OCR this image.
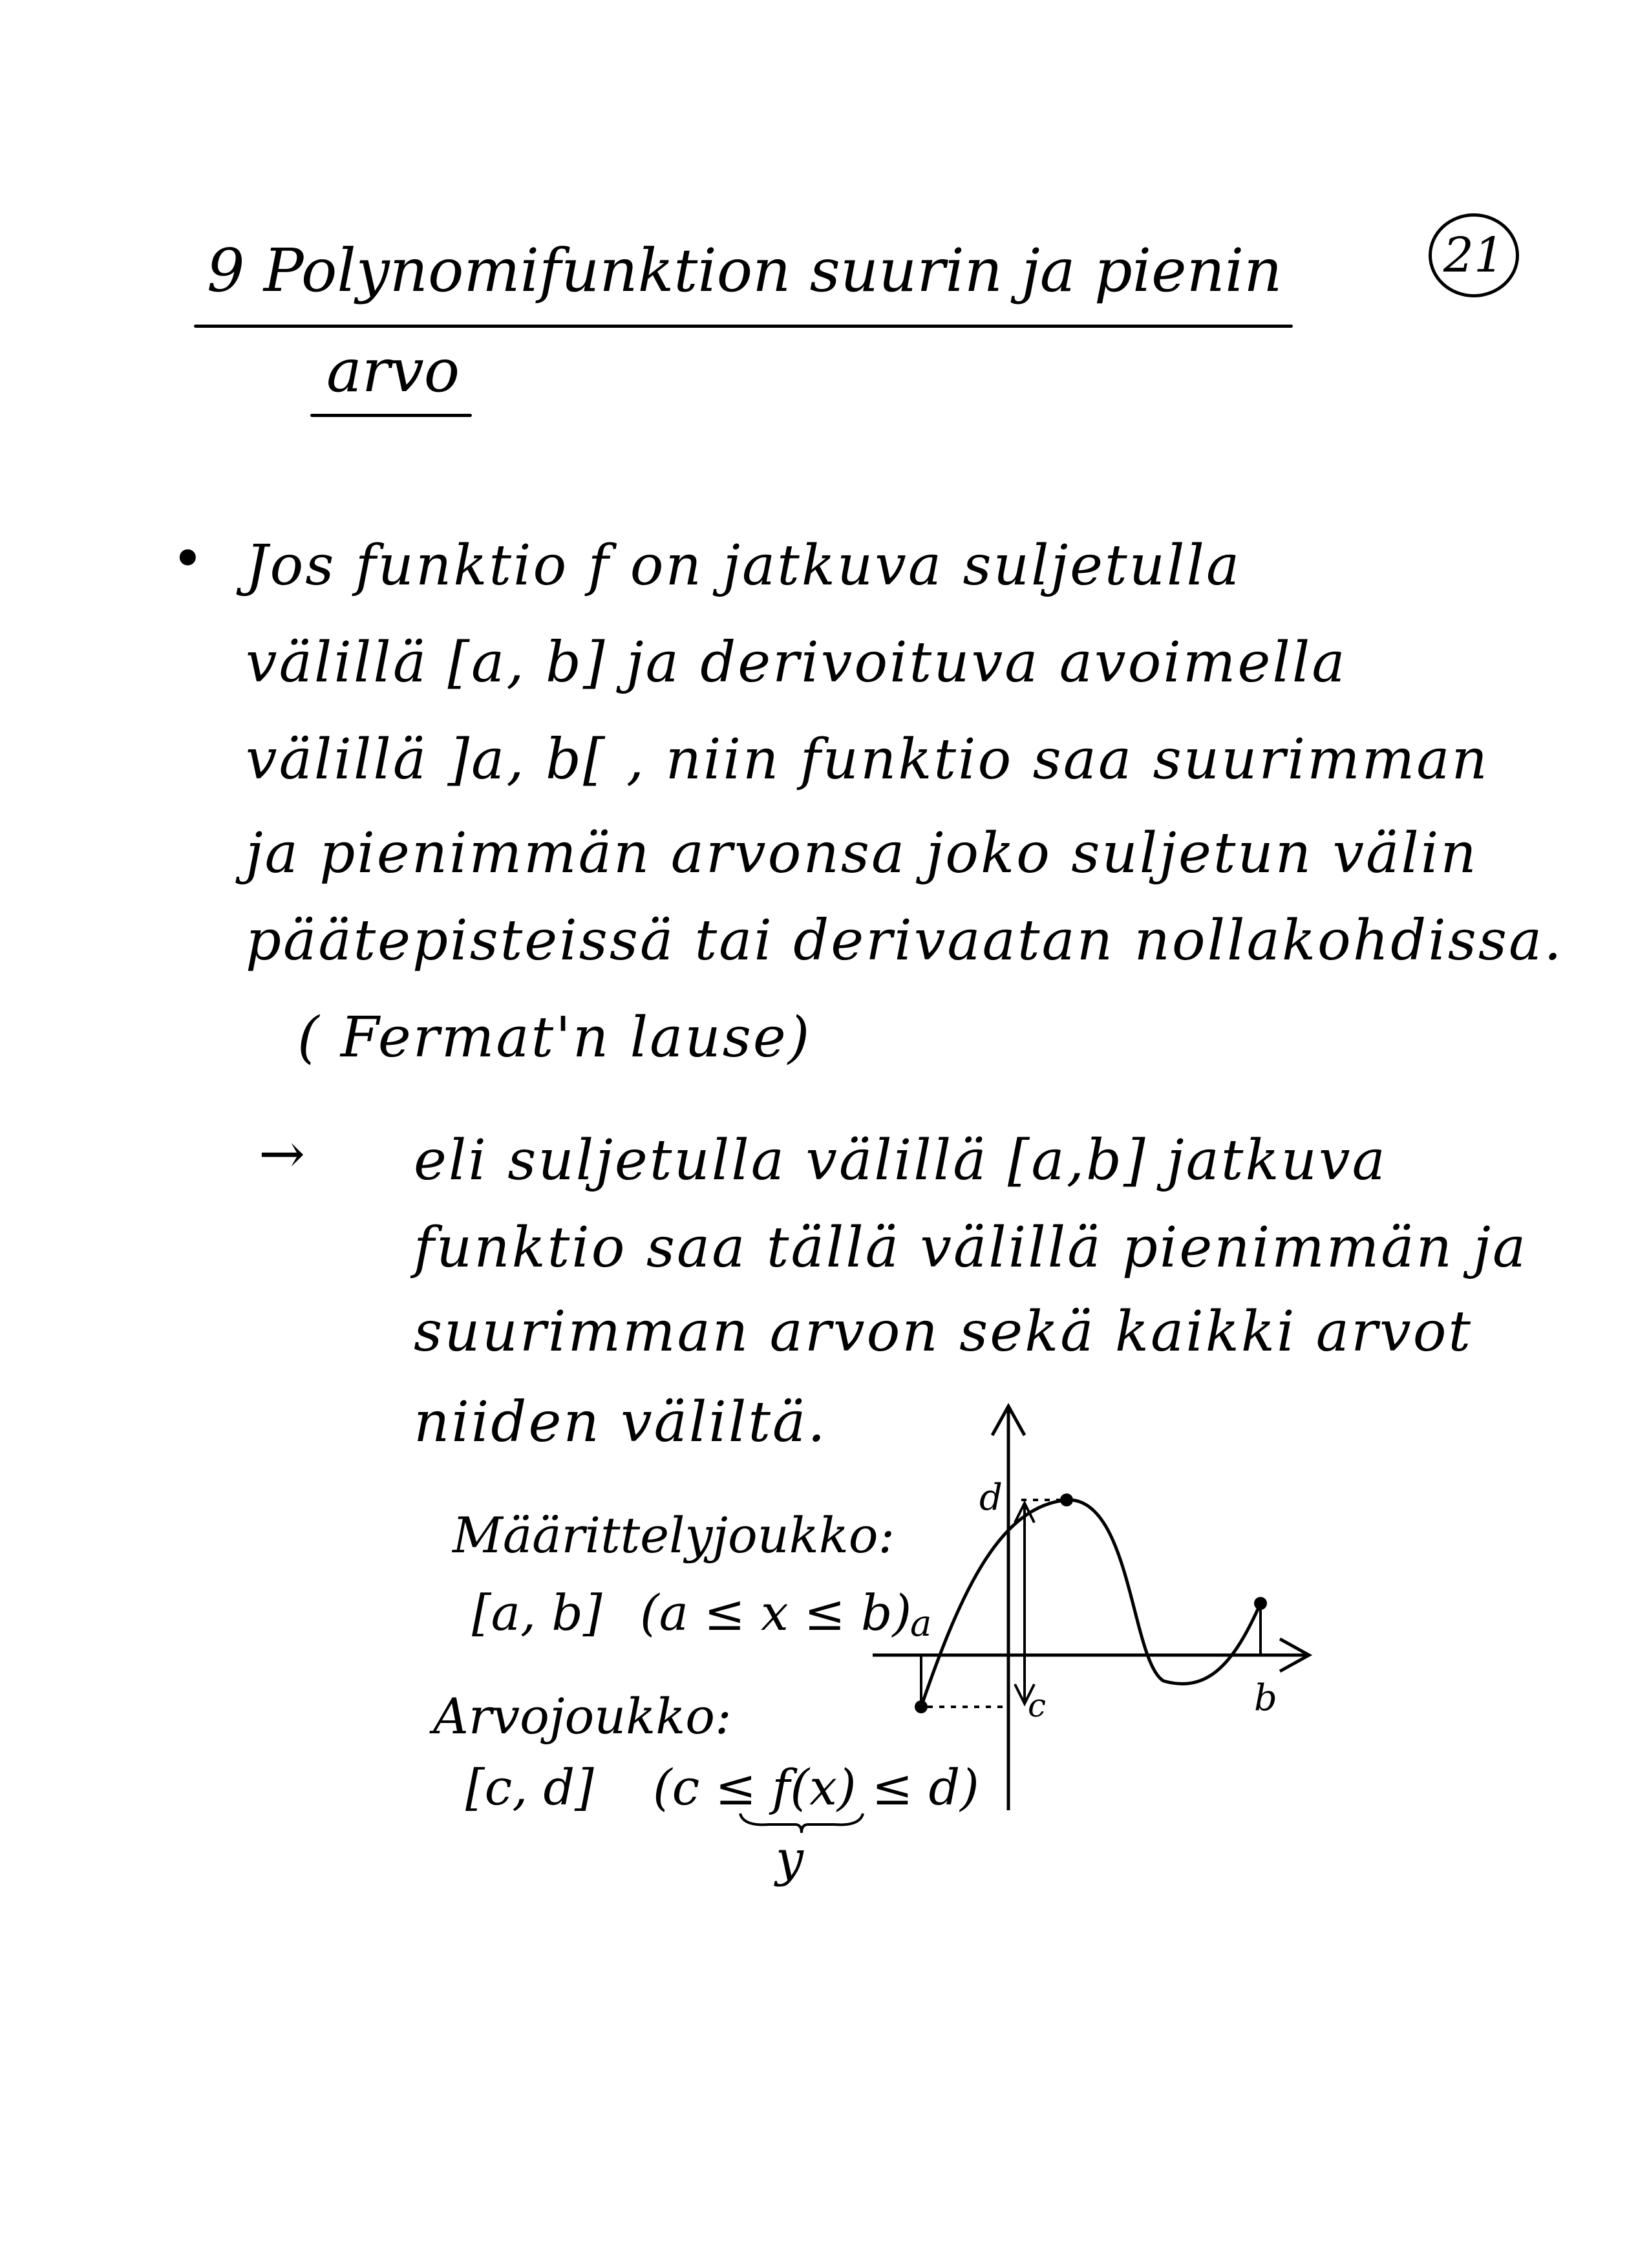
21
9 Polynomifunktion suurin ja pienin
arvo
• Jos funktio f on jatkuva suljetulla
välillä [a, b] ja derivoituva avoimella
välillä ]a, b[ , niin funktio saa suurimman
ja pienimmän arvonsa joko suljetun välin
päätepisteissä tai derivaatan nollakohdissa.
( Fermat'n lause)
→ eli suljetulla välillä [a,b] jatkuva
funktio saa tällä välillä pienimmän ja
suurimman arvon sekä kaikki arvot
niiden väliltä.
Määrittelyjoukko:
[a, b] (a ≤ x ≤ b)
Arvojoukko:
[c, d] (c ≤ f(x) ≤ d)
y
a
b
c
d
